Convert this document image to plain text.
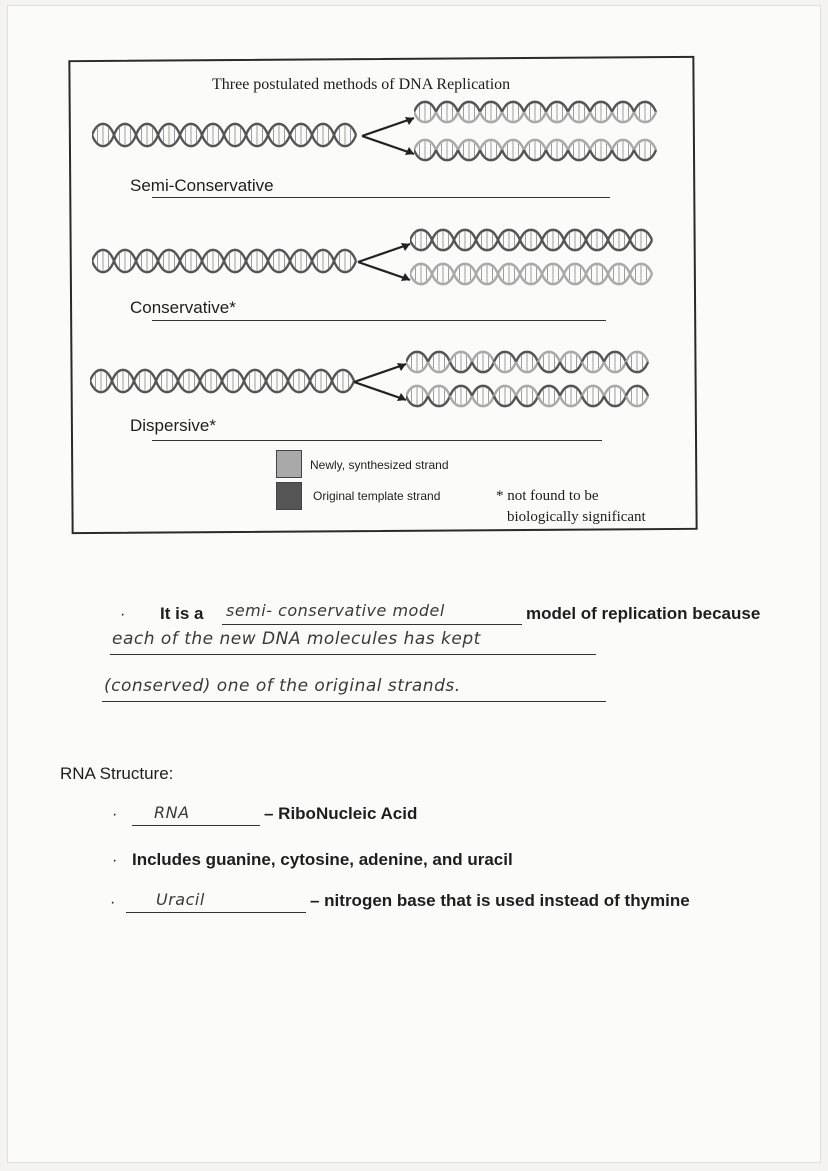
Three postulated methods of DNA Replication
Semi-Conservative
Conservative*
Dispersive*
Newly, synthesized strand
Original template strand	* not found to be
biologically significant
· It is a semi- conservative model	model of replication because
each of the new DNA molecules has kept
(conserved) one of the original strands.
RNA Structure:
· RNA	– RiboNucleic Acid
· Includes guanine, cytosine, adenine, and uracil
·	Uracil	– nitrogen base that is used instead of thymine
